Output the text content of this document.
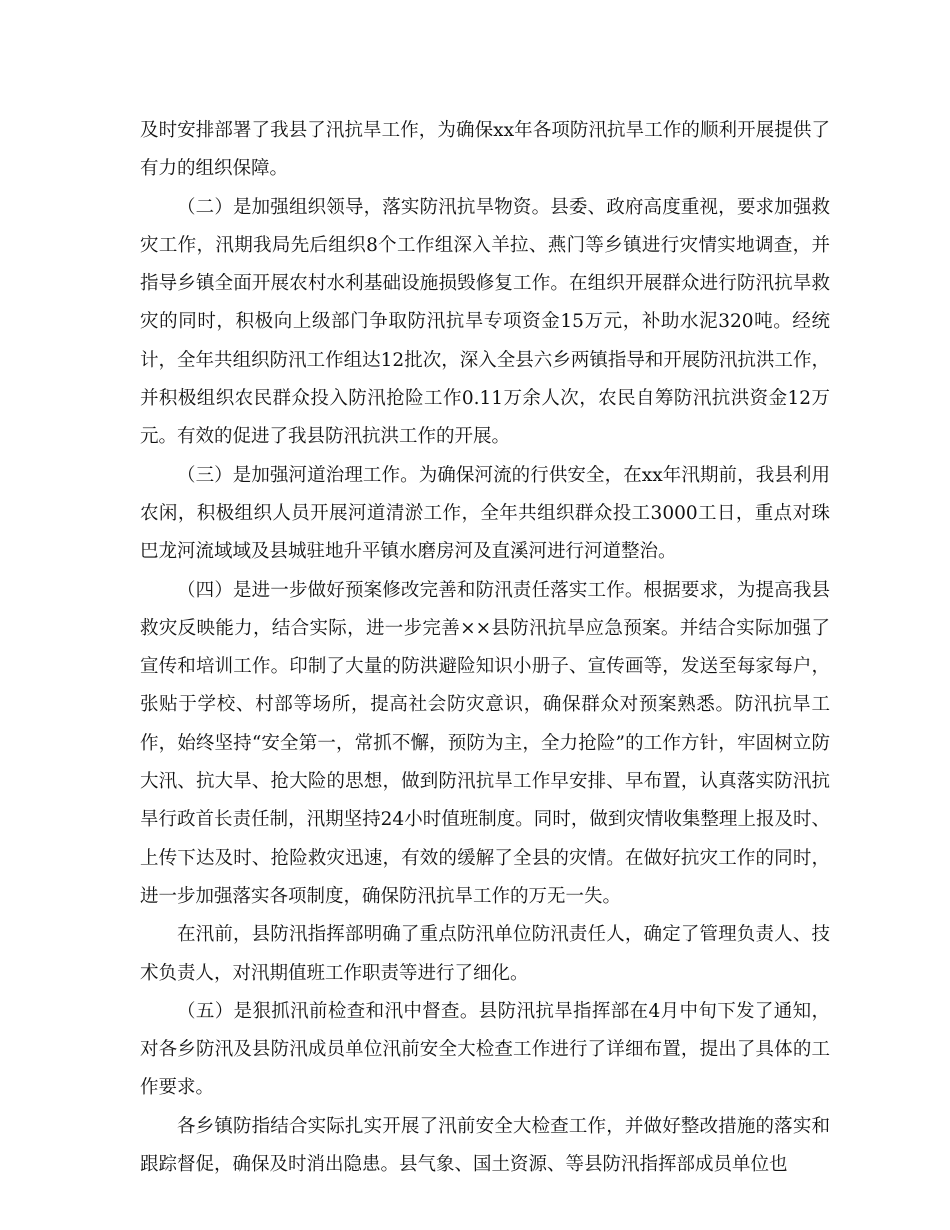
及时安排部署了我县了汛抗旱工作，为确保xx年各项防汛抗旱工作的顺利开展提供了有力的组织保障。

（二）是加强组织领导，落实防汛抗旱物资。县委、政府高度重视，要求加强救灾工作，汛期我局先后组织8个工作组深入羊拉、燕门等乡镇进行灾情实地调查，并指导乡镇全面开展农村水利基础设施损毁修复工作。在组织开展群众进行防汛抗旱救灾的同时，积极向上级部门争取防汛抗旱专项资金15万元，补助水泥320吨。经统计，全年共组织防汛工作组达12批次，深入全县六乡两镇指导和开展防汛抗洪工作，并积极组织农民群众投入防汛抢险工作0.11万余人次，农民自筹防汛抗洪资金12万元。有效的促进了我县防汛抗洪工作的开展。

（三）是加强河道治理工作。为确保河流的行供安全，在xx年汛期前，我县利用农闲，积极组织人员开展河道清淤工作，全年共组织群众投工3000工日，重点对珠巴龙河流域域及县城驻地升平镇水磨房河及直溪河进行河道整治。

（四）是进一步做好预案修改完善和防汛责任落实工作。根据要求，为提高我县救灾反映能力，结合实际，进一步完善××县防汛抗旱应急预案。并结合实际加强了宣传和培训工作。印制了大量的防洪避险知识小册子、宣传画等，发送至每家每户，张贴于学校、村部等场所，提高社会防灾意识，确保群众对预案熟悉。防汛抗旱工作，始终坚持“安全第一，常抓不懈，预防为主，全力抢险”的工作方针，牢固树立防大汛、抗大旱、抢大险的思想，做到防汛抗旱工作早安排、早布置，认真落实防汛抗旱行政首长责任制，汛期坚持24小时值班制度。同时，做到灾情收集整理上报及时、上传下达及时、抢险救灾迅速，有效的缓解了全县的灾情。在做好抗灾工作的同时，进一步加强落实各项制度，确保防汛抗旱工作的万无一失。

在汛前，县防汛指挥部明确了重点防汛单位防汛责任人，确定了管理负责人、技术负责人，对汛期值班工作职责等进行了细化。

（五）是狠抓汛前检查和汛中督查。县防汛抗旱指挥部在4月中旬下发了通知，对各乡防汛及县防汛成员单位汛前安全大检查工作进行了详细布置，提出了具体的工作要求。

各乡镇防指结合实际扎实开展了汛前安全大检查工作，并做好整改措施的落实和跟踪督促，确保及时消出隐患。县气象、国土资源、等县防汛指挥部成员单位也
